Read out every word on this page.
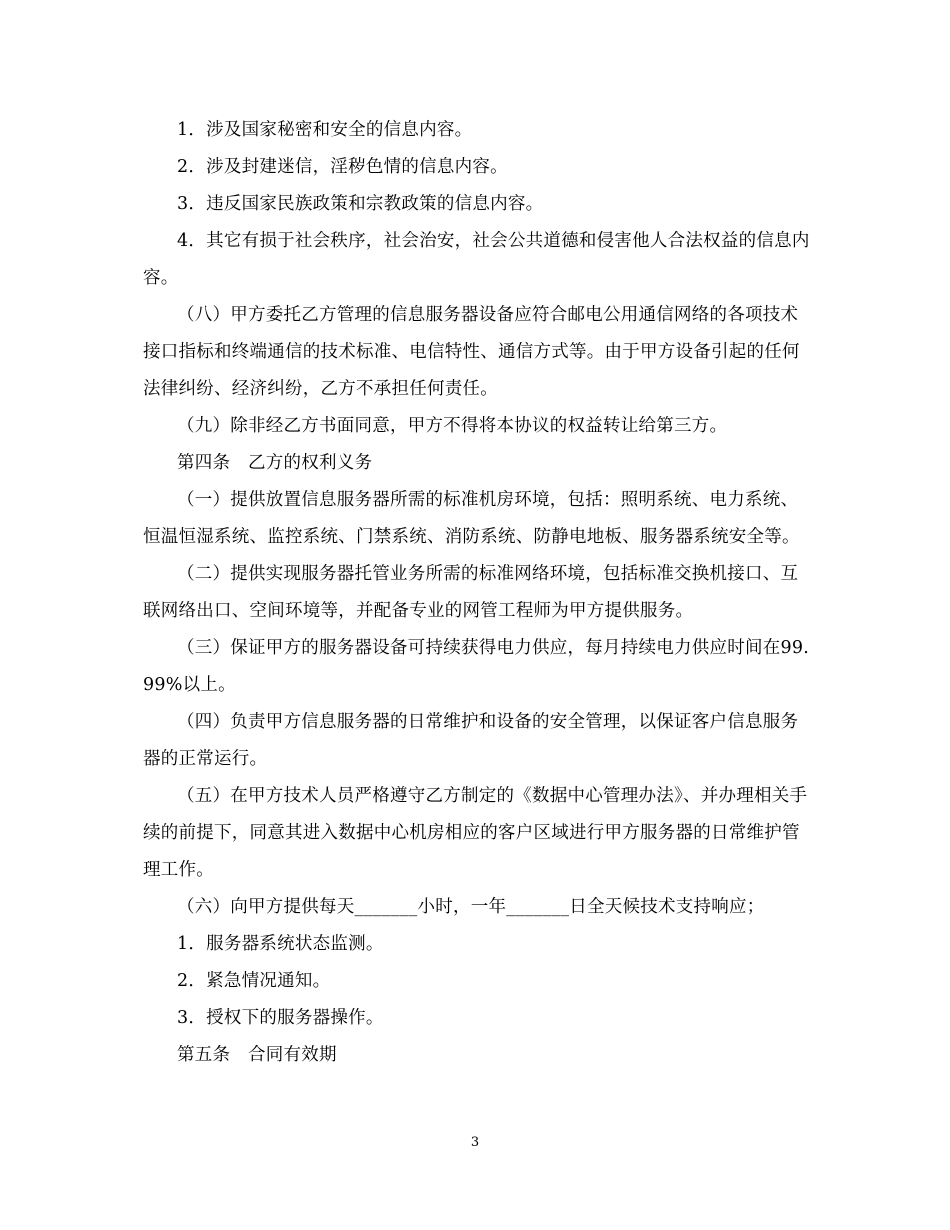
1．涉及国家秘密和安全的信息内容。

2．涉及封建迷信，淫秽色情的信息内容。

3．违反国家民族政策和宗教政策的信息内容。

4．其它有损于社会秩序，社会治安，社会公共道德和侵害他人合法权益的信息内容。

（八）甲方委托乙方管理的信息服务器设备应符合邮电公用通信网络的各项技术接口指标和终端通信的技术标准、电信特性、通信方式等。由于甲方设备引起的任何法律纠纷、经济纠纷，乙方不承担任何责任。

（九）除非经乙方书面同意，甲方不得将本协议的权益转让给第三方。

第四条　乙方的权利义务

（一）提供放置信息服务器所需的标准机房环境，包括：照明系统、电力系统、恒温恒湿系统、监控系统、门禁系统、消防系统、防静电地板、服务器系统安全等。

（二）提供实现服务器托管业务所需的标准网络环境，包括标准交换机接口、互联网络出口、空间环境等，并配备专业的网管工程师为甲方提供服务。

（三）保证甲方的服务器设备可持续获得电力供应，每月持续电力供应时间在99.99%以上。

（四）负责甲方信息服务器的日常维护和设备的安全管理，以保证客户信息服务器的正常运行。

（五）在甲方技术人员严格遵守乙方制定的《数据中心管理办法》、并办理相关手续的前提下，同意其进入数据中心机房相应的客户区域进行甲方服务器的日常维护管理工作。

（六）向甲方提供每天_______小时，一年_______日全天候技术支持响应；

1．服务器系统状态监测。

2．紧急情况通知。

3．授权下的服务器操作。

第五条　合同有效期

3
